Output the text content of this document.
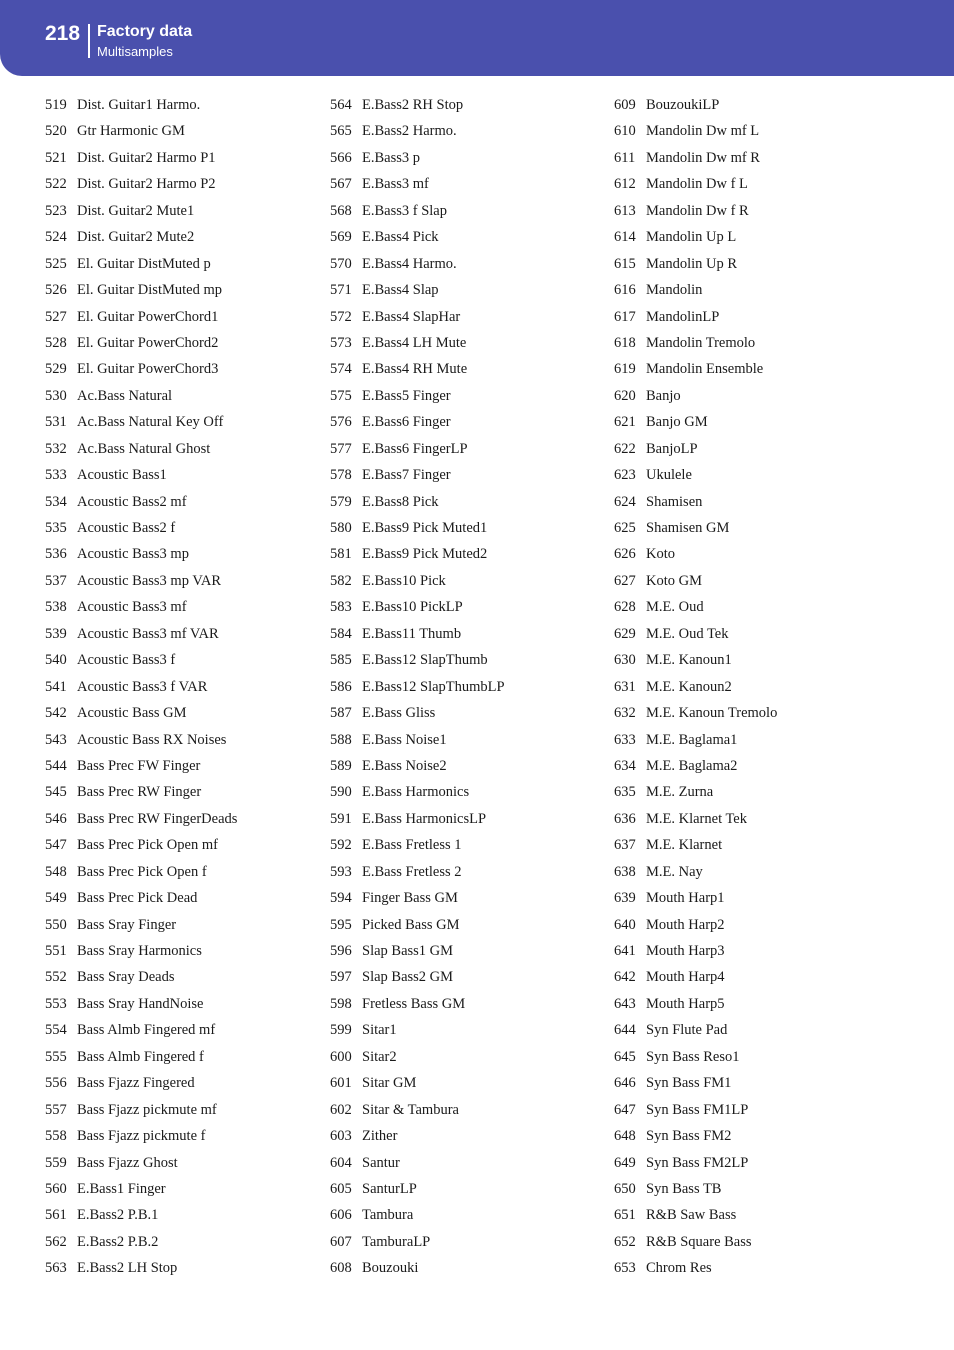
218 Factory data
Multisamples
519 Dist. Guitar1 Harmo.
520 Gtr Harmonic GM
521 Dist. Guitar2 Harmo P1
522 Dist. Guitar2 Harmo P2
523 Dist. Guitar2 Mute1
524 Dist. Guitar2 Mute2
525 El. Guitar DistMuted p
526 El. Guitar DistMuted mp
527 El. Guitar PowerChord1
528 El. Guitar PowerChord2
529 El. Guitar PowerChord3
530 Ac.Bass Natural
531 Ac.Bass Natural Key Off
532 Ac.Bass Natural Ghost
533 Acoustic Bass1
534 Acoustic Bass2 mf
535 Acoustic Bass2 f
536 Acoustic Bass3 mp
537 Acoustic Bass3 mp VAR
538 Acoustic Bass3 mf
539 Acoustic Bass3 mf VAR
540 Acoustic Bass3 f
541 Acoustic Bass3 f VAR
542 Acoustic Bass GM
543 Acoustic Bass RX Noises
544 Bass Prec FW Finger
545 Bass Prec RW Finger
546 Bass Prec RW FingerDeads
547 Bass Prec Pick Open mf
548 Bass Prec Pick Open f
549 Bass Prec Pick Dead
550 Bass Sray Finger
551 Bass Sray Harmonics
552 Bass Sray Deads
553 Bass Sray HandNoise
554 Bass Almb Fingered mf
555 Bass Almb Fingered f
556 Bass Fjazz Fingered
557 Bass Fjazz pickmute mf
558 Bass Fjazz pickmute f
559 Bass Fjazz Ghost
560 E.Bass1 Finger
561 E.Bass2 P.B.1
562 E.Bass2 P.B.2
563 E.Bass2 LH Stop
564 E.Bass2 RH Stop
565 E.Bass2 Harmo.
566 E.Bass3 p
567 E.Bass3 mf
568 E.Bass3 f Slap
569 E.Bass4 Pick
570 E.Bass4 Harmo.
571 E.Bass4 Slap
572 E.Bass4 SlapHar
573 E.Bass4 LH Mute
574 E.Bass4 RH Mute
575 E.Bass5 Finger
576 E.Bass6 Finger
577 E.Bass6 FingerLP
578 E.Bass7 Finger
579 E.Bass8 Pick
580 E.Bass9 Pick Muted1
581 E.Bass9 Pick Muted2
582 E.Bass10 Pick
583 E.Bass10 PickLP
584 E.Bass11 Thumb
585 E.Bass12 SlapThumb
586 E.Bass12 SlapThumbLP
587 E.Bass Gliss
588 E.Bass Noise1
589 E.Bass Noise2
590 E.Bass Harmonics
591 E.Bass HarmonicsLP
592 E.Bass Fretless 1
593 E.Bass Fretless 2
594 Finger Bass GM
595 Picked Bass GM
596 Slap Bass1 GM
597 Slap Bass2 GM
598 Fretless Bass GM
599 Sitar1
600 Sitar2
601 Sitar GM
602 Sitar & Tambura
603 Zither
604 Santur
605 SanturLP
606 Tambura
607 TamburaLP
608 Bouzouki
609 BouzoukiLP
610 Mandolin Dw mf L
611 Mandolin Dw mf R
612 Mandolin Dw f L
613 Mandolin Dw f R
614 Mandolin Up L
615 Mandolin Up R
616 Mandolin
617 MandolinLP
618 Mandolin Tremolo
619 Mandolin Ensemble
620 Banjo
621 Banjo GM
622 BanjoLP
623 Ukulele
624 Shamisen
625 Shamisen GM
626 Koto
627 Koto GM
628 M.E. Oud
629 M.E. Oud Tek
630 M.E. Kanoun1
631 M.E. Kanoun2
632 M.E. Kanoun Tremolo
633 M.E. Baglama1
634 M.E. Baglama2
635 M.E. Zurna
636 M.E. Klarnet Tek
637 M.E. Klarnet
638 M.E. Nay
639 Mouth Harp1
640 Mouth Harp2
641 Mouth Harp3
642 Mouth Harp4
643 Mouth Harp5
644 Syn Flute Pad
645 Syn Bass Reso1
646 Syn Bass FM1
647 Syn Bass FM1LP
648 Syn Bass FM2
649 Syn Bass FM2LP
650 Syn Bass TB
651 R&B Saw Bass
652 R&B Square Bass
653 Chrom Res
